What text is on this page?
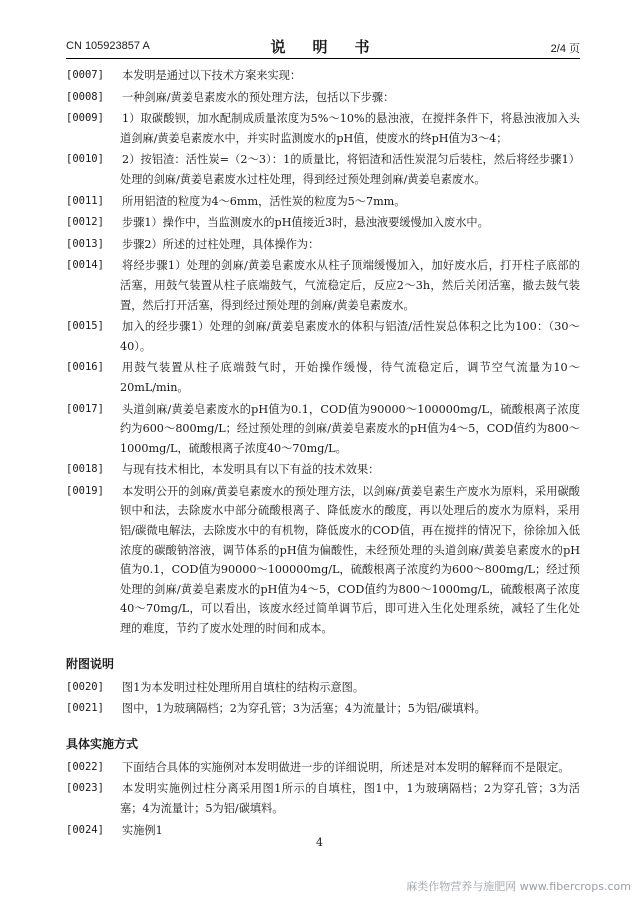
CN 105923857 A	说　明　书	2/4 页
[0007] 本发明是通过以下技术方案来实现：
[0008] 一种剑麻/黄姜皂素废水的预处理方法，包括以下步骤：
[0009] 1）取碳酸钡，加水配制成质量浓度为5%～10%的悬浊液，在搅拌条件下，将悬浊液加入头道剑麻/黄姜皂素废水中，并实时监测废水的pH值，使废水的终pH值为3～4；
[0010] 2）按铝渣：活性炭=（2～3）：1的质量比，将铝渣和活性炭混匀后装柱，然后将经步骤1）处理的剑麻/黄姜皂素废水过柱处理，得到经过预处理剑麻/黄姜皂素废水。
[0011] 所用铝渣的粒度为4～6mm，活性炭的粒度为5～7mm。
[0012] 步骤1）操作中，当监测废水的pH值接近3时，悬浊液要缓慢加入废水中。
[0013] 步骤2）所述的过柱处理，具体操作为：
[0014] 将经步骤1）处理的剑麻/黄姜皂素废水从柱子顶端缓慢加入，加好废水后，打开柱子底部的活塞，用鼓气装置从柱子底端鼓气，气流稳定后，反应2～3h，然后关闭活塞，撤去鼓气装置，然后打开活塞，得到经过预处理的剑麻/黄姜皂素废水。
[0015] 加入的经步骤1）处理的剑麻/黄姜皂素废水的体积与铝渣/活性炭总体积之比为100：（30～40）。
[0016] 用鼓气装置从柱子底端鼓气时，开始操作缓慢，待气流稳定后，调节空气流量为10～20mL/min。
[0017] 头道剑麻/黄姜皂素废水的pH值为0.1，COD值为90000～100000mg/L，硫酸根离子浓度约为600～800mg/L；经过预处理的剑麻/黄姜皂素废水的pH值为4～5，COD值约为800～1000mg/L，硫酸根离子浓度40～70mg/L。
[0018] 与现有技术相比，本发明具有以下有益的技术效果：
[0019] 本发明公开的剑麻/黄姜皂素废水的预处理方法，以剑麻/黄姜皂素生产废水为原料，采用碳酸钡中和法，去除废水中部分硫酸根离子、降低废水的酸度，再以处理后的废水为原料，采用铝/碳微电解法，去除废水中的有机物，降低废水的COD值，再在搅拌的情况下，徐徐加入低浓度的碳酸钠溶液，调节体系的pH值为偏酸性，未经预处理的头道剑麻/黄姜皂素废水的pH值为0.1，COD值为90000～100000mg/L，硫酸根离子浓度约为600～800mg/L；经过预处理的剑麻/黄姜皂素废水的pH值为4～5，COD值约为800～1000mg/L，硫酸根离子浓度40～70mg/L，可以看出，该废水经过简单调节后，即可进入生化处理系统，减轻了生化处理的难度，节约了废水处理的时间和成本。
附图说明
[0020] 图1为本发明过柱处理所用自填柱的结构示意图。
[0021] 图中，1为玻璃隔档；2为穿孔管；3为活塞；4为流量计；5为铝/碳填料。
具体实施方式
[0022] 下面结合具体的实施例对本发明做进一步的详细说明，所述是对本发明的解释而不是限定。
[0023] 本发明实施例过柱分离采用图1所示的自填柱，图1中，1为玻璃隔档；2为穿孔管；3为活塞；4为流量计；5为铝/碳填料。
[0024] 实施例1
4
麻类作物营养与施肥网 www.fibercrops.com
